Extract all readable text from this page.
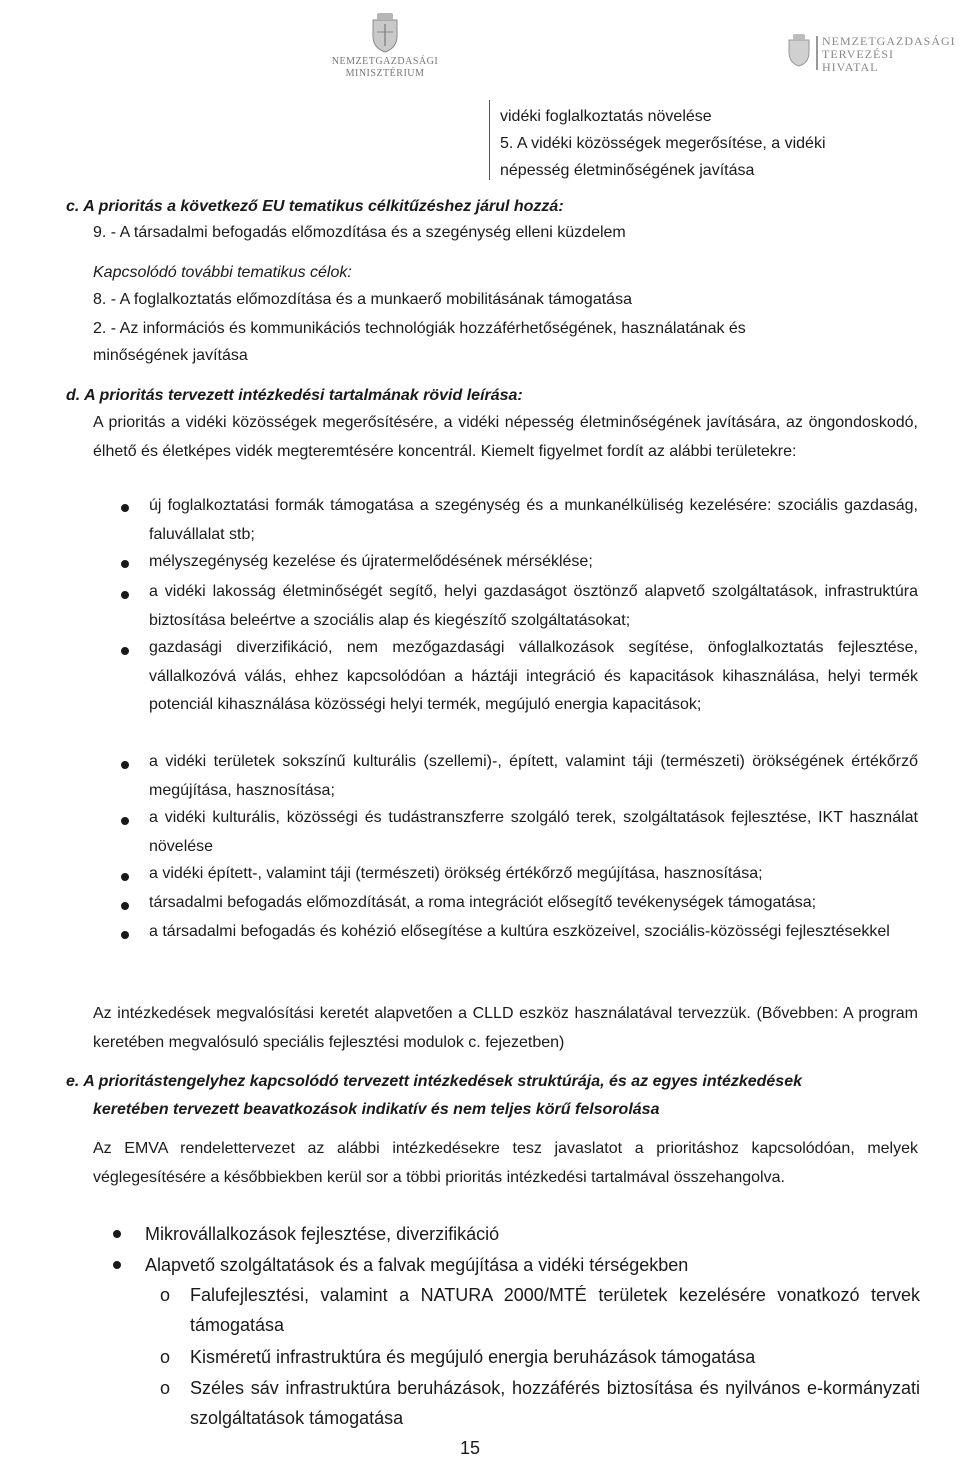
NEMZETGAZDASÁGI
MINISZTÉRIUM
NEMZETGAZDASÁGI
TERVEZÉSI
HIVATAL
vidéki foglalkoztatás növelése
5. A vidéki közösségek megerősítése, a vidéki
népesség életminőségének javítása
c. A prioritás a következő EU tematikus célkitűzéshez járul hozzá:
9. - A társadalmi befogadás előmozdítása és a szegénység elleni küzdelem
Kapcsolódó további tematikus célok:
8. - A foglalkoztatás előmozdítása és a munkaerő mobilitásának támogatása
2. - Az információs és kommunikációs technológiák hozzáférhetőségének, használatának és
minőségének javítása
d. A prioritás tervezett intézkedési tartalmának rövid leírása:
A prioritás a vidéki közösségek megerősítésére, a vidéki népesség életminőségének javítására, az öngondoskodó, élhető és életképes vidék megteremtésére koncentrál. Kiemelt figyelmet fordít az alábbi területekre:
új foglalkoztatási formák támogatása a szegénység és a munkanélküliség kezelésére: szociális gazdaság, faluvállalat stb;
mélyszegénység kezelése és újratermelődésének mérséklése;
a vidéki lakosság életminőségét segítő, helyi gazdaságot ösztönző alapvető szolgáltatások, infrastruktúra biztosítása beleértve a szociális alap és kiegészítő szolgáltatásokat;
gazdasági diverzifikáció, nem mezőgazdasági vállalkozások segítése, önfoglalkoztatás fejlesztése, vállalkozóvá válás, ehhez kapcsolódóan a háztáji integráció és kapacitások kihasználása, helyi termék potenciál kihasználása közösségi helyi termék, megújuló energia kapacitások;
a vidéki területek sokszínű kulturális (szellemi)-, épített, valamint táji (természeti) örökségének értékőrző megújítása, hasznosítása;
a vidéki kulturális, közösségi és tudástranszferre szolgáló terek, szolgáltatások fejlesztése, IKT használat növelése
a vidéki épített-, valamint táji (természeti) örökség értékőrző megújítása, hasznosítása;
társadalmi befogadás előmozdítását, a roma integrációt elősegítő tevékenységek támogatása;
a társadalmi befogadás és kohézió elősegítése a kultúra eszközeivel, szociális-közösségi fejlesztésekkel
Az intézkedések megvalósítási keretét alapvetően a CLLD eszköz használatával tervezzük. (Bővebben: A program keretében megvalósuló speciális fejlesztési modulok c. fejezetben)
e. A prioritástengelyhez kapcsolódó tervezett intézkedések struktúrája, és az egyes intézkedések
keretében tervezett beavatkozások indikatív és nem teljes körű felsorolása
Az EMVA rendelettervezet az alábbi intézkedésekre tesz javaslatot a prioritáshoz kapcsolódóan, melyek véglegesítésére a későbbiekben kerül sor a többi prioritás intézkedési tartalmával összehangolva.
Mikrovállalkozások fejlesztése, diverzifikáció
Alapvető szolgáltatások és a falvak megújítása a vidéki térségekben
o Falufejlesztési, valamint a NATURA 2000/MTÉ területek kezelésére vonatkozó tervek támogatása
o Kisméretű infrastruktúra és megújuló energia beruházások támogatása
o Széles sáv infrastruktúra beruházások, hozzáférés biztosítása és nyilvános e-kormányzati szolgáltatások támogatása
15
